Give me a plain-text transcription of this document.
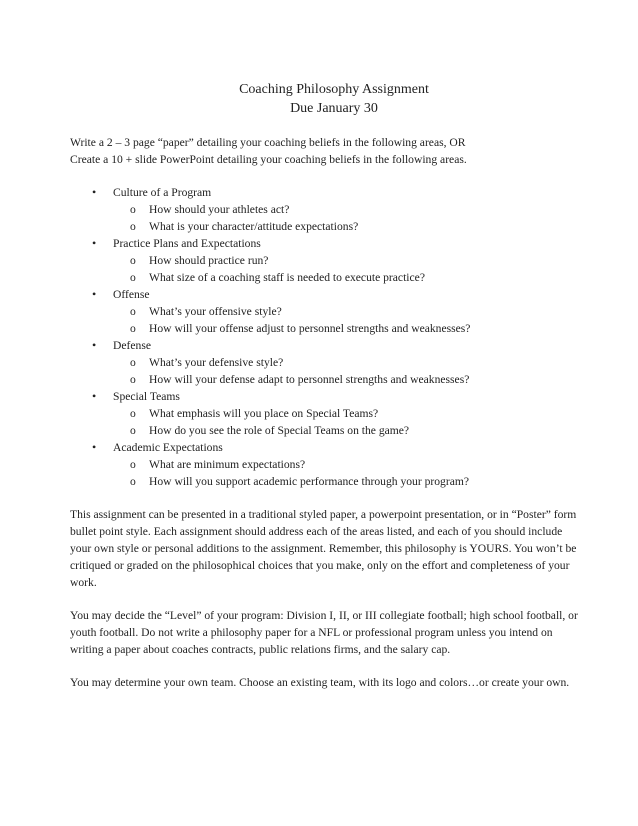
Coaching Philosophy Assignment

Due January 30

Write a 2 – 3 page “paper” detailing your coaching beliefs in the following areas, OR

Create a 10 + slide PowerPoint detailing your coaching beliefs in the following areas.

• Culture of a Program
o How should your athletes act?
o What is your character/attitude expectations?
• Practice Plans and Expectations
o How should practice run?
o What size of a coaching staff is needed to execute practice?
• Offense
o What’s your offensive style?
o How will your offense adjust to personnel strengths and weaknesses?
• Defense
o What’s your defensive style?
o How will your defense adapt to personnel strengths and weaknesses?
• Special Teams
o What emphasis will you place on Special Teams?
o How do you see the role of Special Teams on the game?
• Academic Expectations
o What are minimum expectations?
o How will you support academic performance through your program?

This assignment can be presented in a traditional styled paper, a powerpoint presentation, or in “Poster” form bullet point style. Each assignment should address each of the areas listed, and each of you should include your own style or personal additions to the assignment. Remember, this philosophy is YOURS. You won’t be critiqued or graded on the philosophical choices that you make, only on the effort and completeness of your work.

You may decide the “Level” of your program: Division I, II, or III collegiate football; high school football, or youth football. Do not write a philosophy paper for a NFL or professional program unless you intend on writing a paper about coaches contracts, public relations firms, and the salary cap.

You may determine your own team. Choose an existing team, with its logo and colors…or create your own.
